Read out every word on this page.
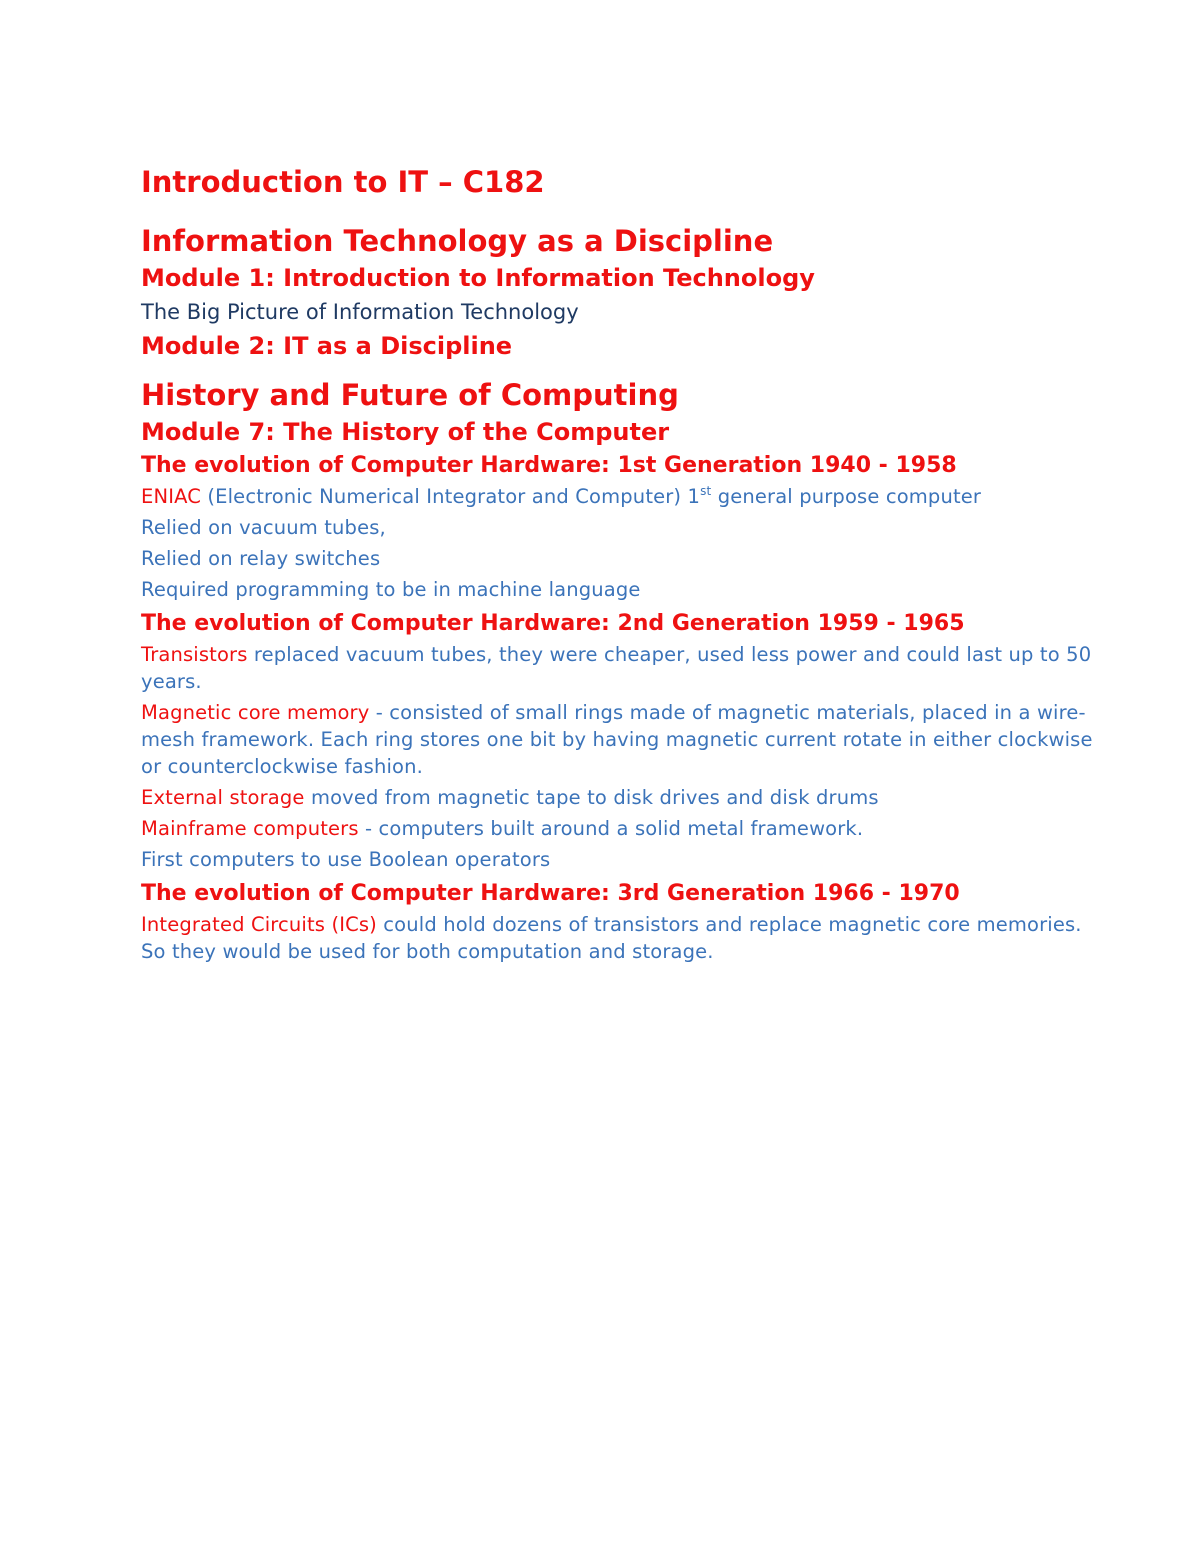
Introduction to IT – C182
Information Technology as a Discipline
Module 1: Introduction to Information Technology
The Big Picture of Information Technology
Module 2: IT as a Discipline
History and Future of Computing
Module 7: The History of the Computer
The evolution of Computer Hardware: 1st Generation 1940 - 1958
ENIAC (Electronic Numerical Integrator and Computer) 1st general purpose computer
Relied on vacuum tubes,
Relied on relay switches
Required programming to be in machine language
The evolution of Computer Hardware: 2nd Generation 1959 - 1965
Transistors replaced vacuum tubes, they were cheaper, used less power and could last up to 50 years.
Magnetic core memory - consisted of small rings made of magnetic materials, placed in a wire-mesh framework. Each ring stores one bit by having magnetic current rotate in either clockwise or counterclockwise fashion.
External storage moved from magnetic tape to disk drives and disk drums
Mainframe computers - computers built around a solid metal framework.
First computers to use Boolean operators
The evolution of Computer Hardware: 3rd Generation 1966 - 1970
Integrated Circuits (ICs) could hold dozens of transistors and replace magnetic core memories. So they would be used for both computation and storage.
